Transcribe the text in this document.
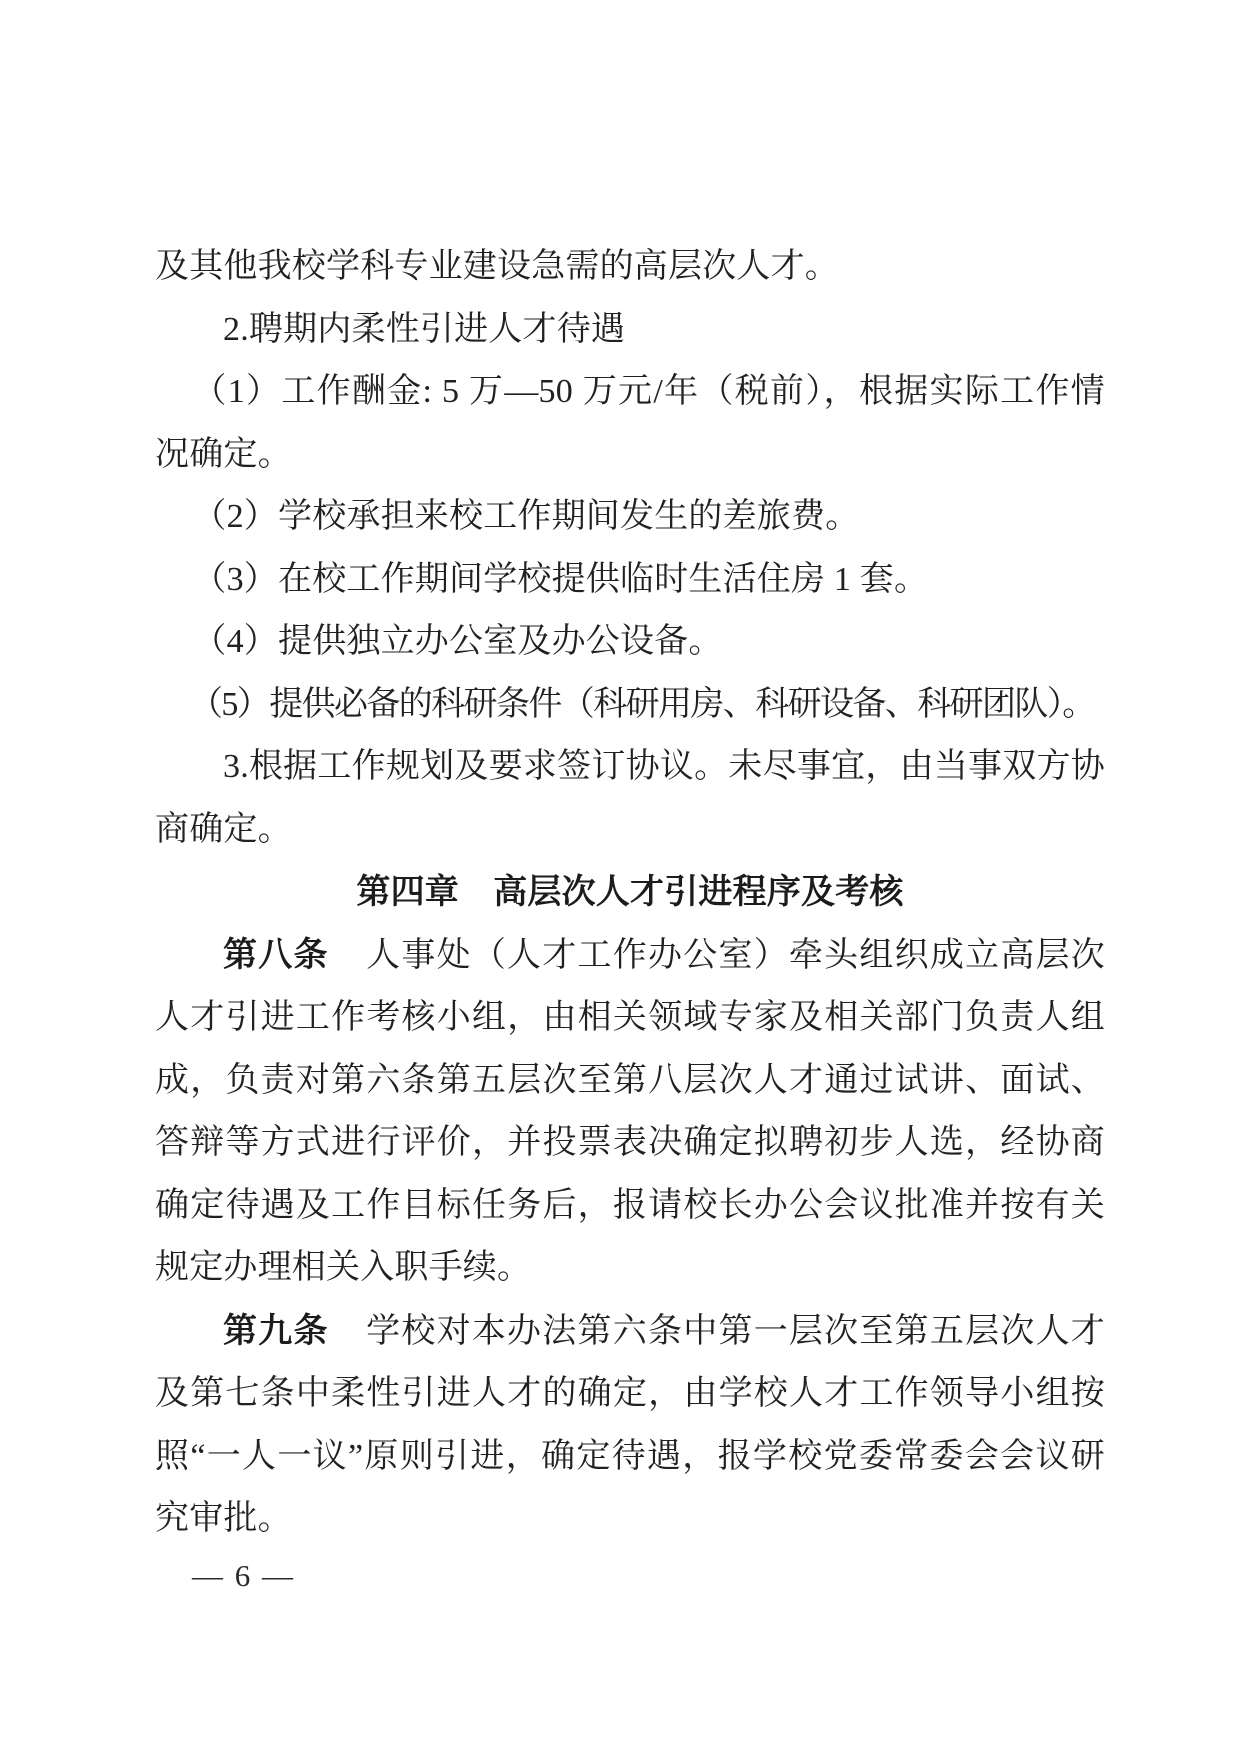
及其他我校学科专业建设急需的高层次人才。

2.聘期内柔性引进人才待遇

（1）工作酬金: 5 万—50 万元/年（税前），根据实际工作情况确定。

（2）学校承担来校工作期间发生的差旅费。

（3）在校工作期间学校提供临时生活住房 1 套。

（4）提供独立办公室及办公设备。

（5）提供必备的科研条件（科研用房、科研设备、科研团队）。

3.根据工作规划及要求签订协议。未尽事宜，由当事双方协商确定。

第四章　高层次人才引进程序及考核

第八条 人事处（人才工作办公室）牵头组织成立高层次人才引进工作考核小组，由相关领域专家及相关部门负责人组成，负责对第六条第五层次至第八层次人才通过试讲、面试、答辩等方式进行评价，并投票表决确定拟聘初步人选，经协商确定待遇及工作目标任务后，报请校长办公会议批准并按有关规定办理相关入职手续。

第九条 学校对本办法第六条中第一层次至第五层次人才及第七条中柔性引进人才的确定，由学校人才工作领导小组按照“一人一议”原则引进，确定待遇，报学校党委常委会会议研究审批。

— 6 —
